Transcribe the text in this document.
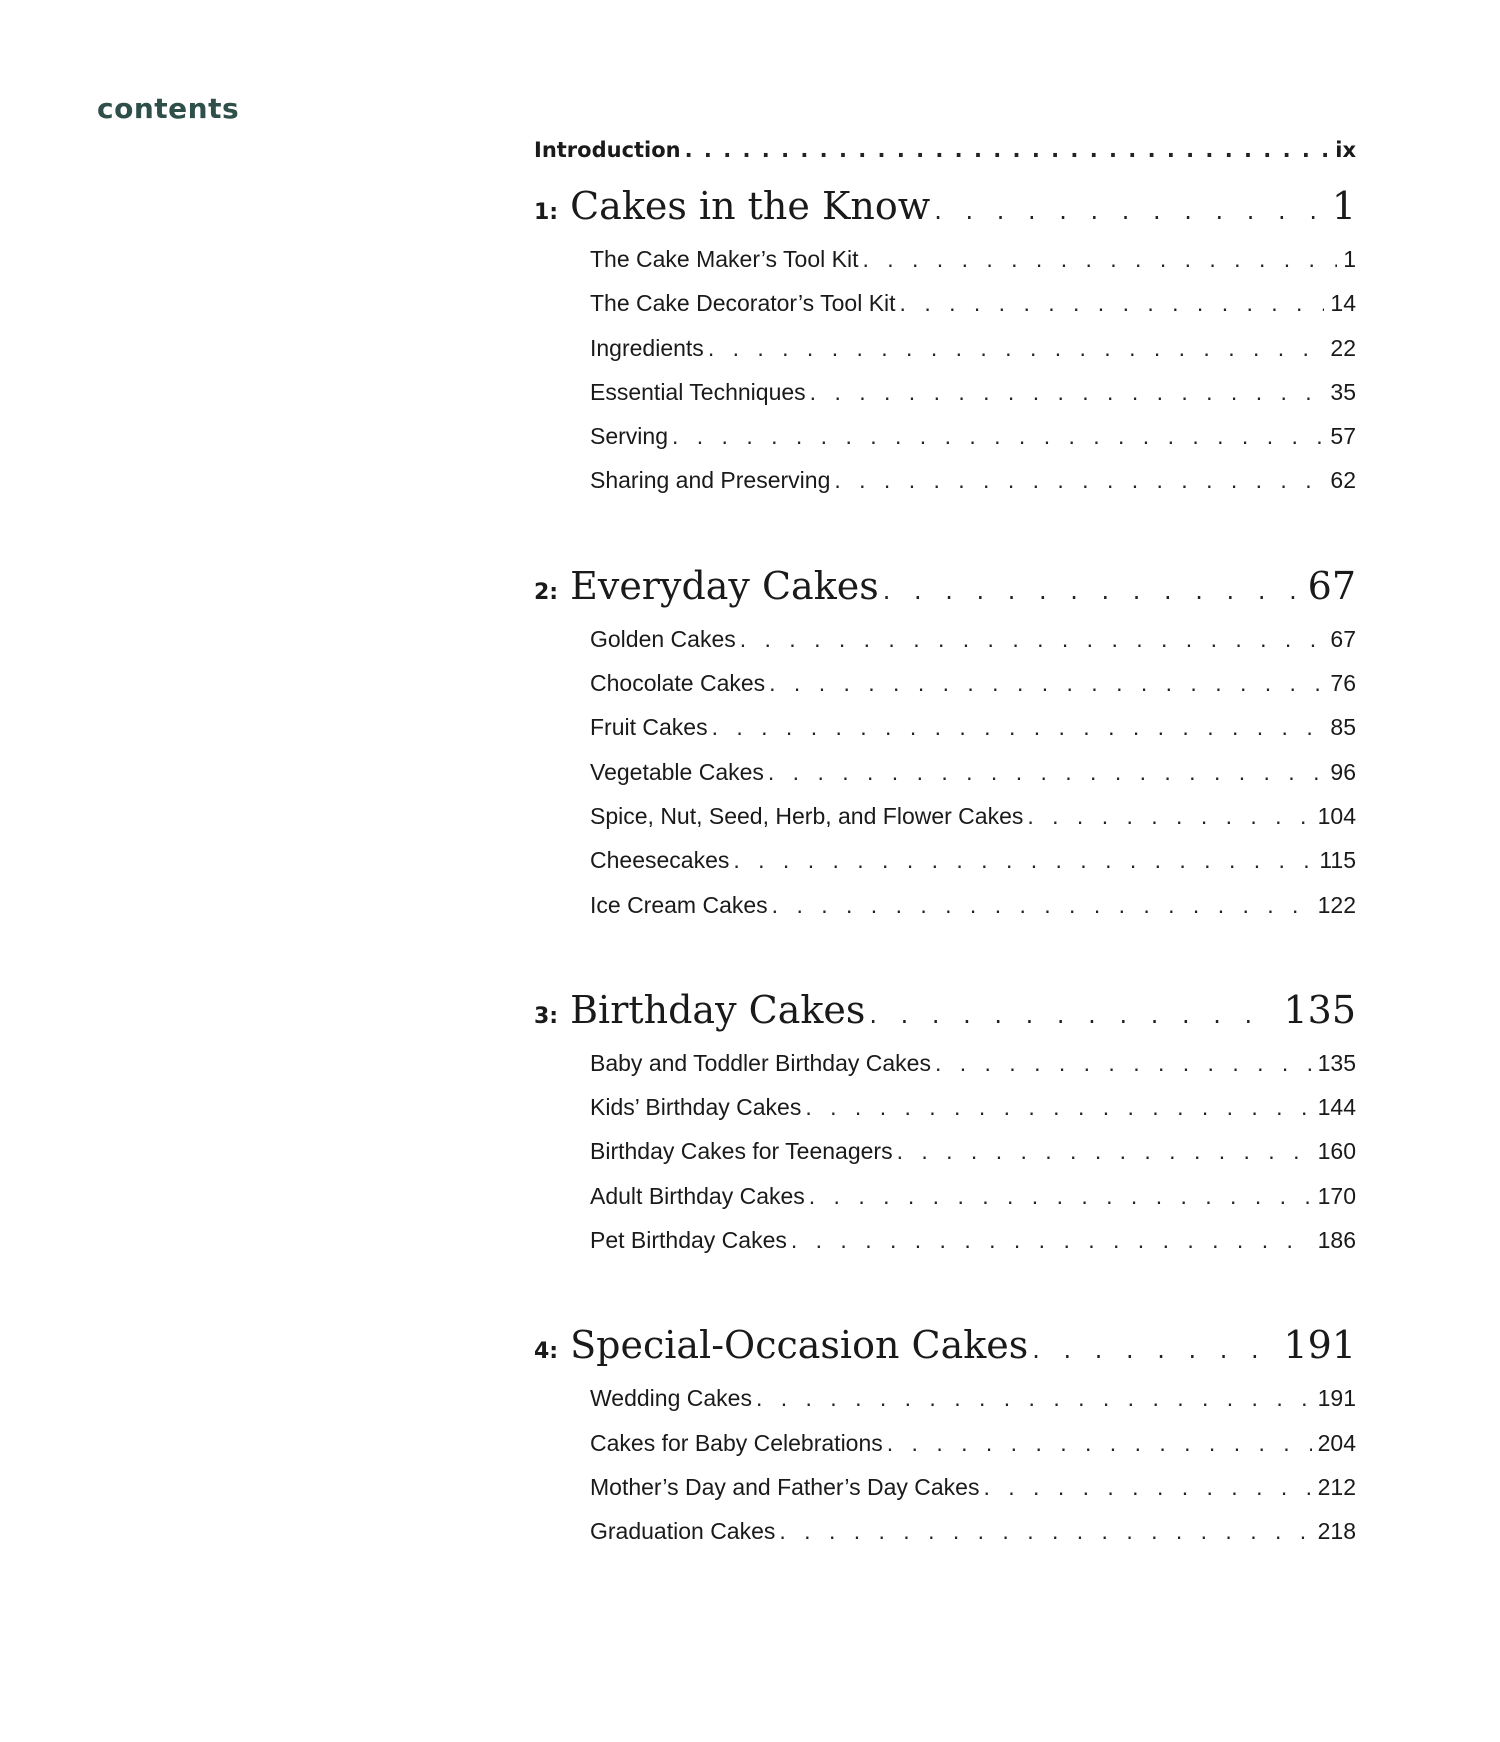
contents
Introduction . . .	ix
1: Cakes in the Know . . .	1
The Cake Maker’s Tool Kit . . .	1
The Cake Decorator’s Tool Kit . . .	14
Ingredients . . .	22
Essential Techniques . . .	35
Serving . . .	57
Sharing and Preserving . . .	62
2: Everyday Cakes . . .	67
Golden Cakes . . .	67
Chocolate Cakes . . .	76
Fruit Cakes . . .	85
Vegetable Cakes . . .	96
Spice, Nut, Seed, Herb, and Flower Cakes . . .	104
Cheesecakes . . .	115
Ice Cream Cakes . . .	122
3: Birthday Cakes . . .	135
Baby and Toddler Birthday Cakes . . .	135
Kids’ Birthday Cakes . . .	144
Birthday Cakes for Teenagers . . .	160
Adult Birthday Cakes . . .	170
Pet Birthday Cakes . . .	186
4: Special-Occasion Cakes . . .	191
Wedding Cakes . . .	191
Cakes for Baby Celebrations . . .	204
Mother’s Day and Father’s Day Cakes . . .	212
Graduation Cakes . . .	218
